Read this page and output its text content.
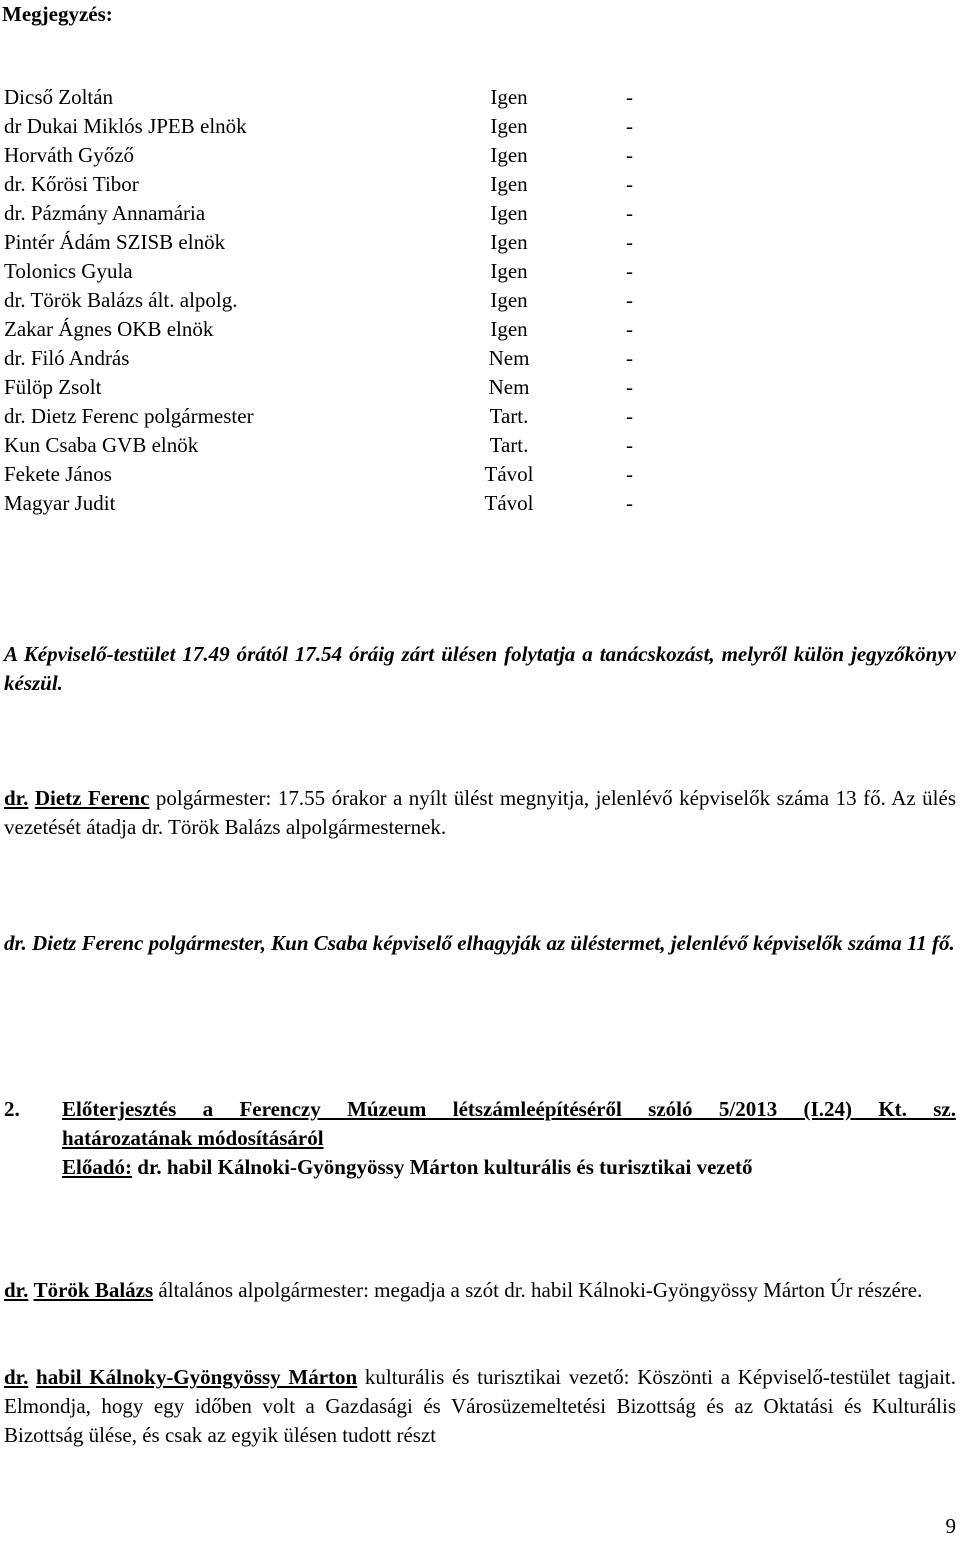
Megjegyzés:
Dicső Zoltán	Igen	-
dr Dukai Miklós JPEB elnök	Igen	-
Horváth Győző	Igen	-
dr. Kőrösi Tibor	Igen	-
dr. Pázmány Annamária	Igen	-
Pintér Ádám SZISB elnök	Igen	-
Tolonics Gyula	Igen	-
dr. Török Balázs ált. alpolg.	Igen	-
Zakar Ágnes OKB elnök	Igen	-
dr. Filó András	Nem	-
Fülöp Zsolt	Nem	-
dr. Dietz Ferenc polgármester	Tart.	-
Kun Csaba GVB elnök	Tart.	-
Fekete János	Távol	-
Magyar Judit	Távol	-
A Képviselő-testület 17.49 órától 17.54 óráig zárt ülésen folytatja a tanácskozást, melyről külön jegyzőkönyv készül.
dr. Dietz Ferenc polgármester: 17.55 órakor a nyílt ülést megnyitja, jelenlévő képviselők száma 13 fő. Az ülés vezetését átadja dr. Török Balázs alpolgármesternek.
dr. Dietz Ferenc polgármester, Kun Csaba képviselő elhagyják az üléstermet, jelenlévő képviselők száma 11 fő.
2.	Előterjesztés a Ferenczy Múzeum létszámleépítéséről szóló 5/2013 (I.24) Kt. sz.
határozatának módosításáról
Előadó: dr. habil Kálnoki-Gyöngyössy Márton kulturális és turisztikai vezető
dr. Török Balázs általános alpolgármester: megadja a szót dr. habil Kálnoki-Gyöngyössy Márton Úr részére.
dr. habil Kálnoky-Gyöngyössy Márton kulturális és turisztikai vezető: Köszönti a Képviselő-testület tagjait. Elmondja, hogy egy időben volt a Gazdasági és Városüzemeltetési Bizottság és az Oktatási és Kulturális Bizottság ülése, és csak az egyik ülésen tudott részt
9
